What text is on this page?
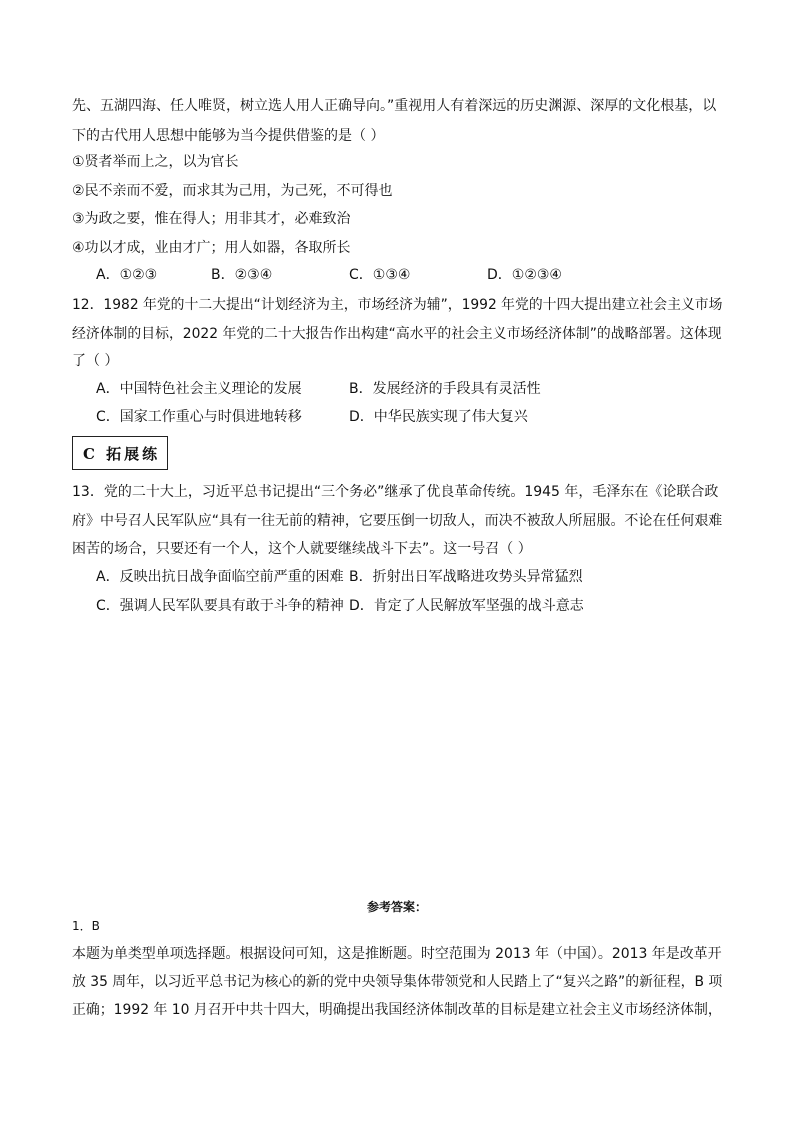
先、五湖四海、任人唯贤，树立选人用人正确导向。”重视用人有着深远的历史渊源、深厚的文化根基，以
下的古代用人思想中能够为当今提供借鉴的是（ ）
①贤者举而上之，以为官长
②民不亲而不爱，而求其为己用，为己死，不可得也
③为政之要，惟在得人；用非其才，必难致治
④功以才成，业由才广；用人如器，各取所长
A．①②③	B．②③④	C．①③④	D．①②③④
12．1982 年党的十二大提出“计划经济为主，市场经济为辅”，1992 年党的十四大提出建立社会主义市场
经济体制的目标，2022 年党的二十大报告作出构建“高水平的社会主义市场经济体制”的战略部署。这体现
了（ ）
A．中国特色社会主义理论的发展	B．发展经济的手段具有灵活性
C．国家工作重心与时俱进地转移	D．中华民族实现了伟大复兴
C 拓展练
13．党的二十大上，习近平总书记提出“三个务必”继承了优良革命传统。1945 年，毛泽东在《论联合政
府》中号召人民军队应“具有一往无前的精神，它要压倒一切敌人，而决不被敌人所屈服。不论在任何艰难
困苦的场合，只要还有一个人，这个人就要继续战斗下去”。这一号召（ ）
A．反映出抗日战争面临空前严重的困难 B．折射出日军战略进攻势头异常猛烈
C．强调人民军队要具有敢于斗争的精神 D．肯定了人民解放军坚强的战斗意志
参考答案：
1．B
本题为单类型单项选择题。根据设问可知，这是推断题。时空范围为 2013 年（中国）。2013 年是改革开
放 35 周年，以习近平总书记为核心的新的党中央领导集体带领党和人民踏上了“复兴之路”的新征程，B 项
正确；1992 年 10 月召开中共十四大，明确提出我国经济体制改革的目标是建立社会主义市场经济体制，
